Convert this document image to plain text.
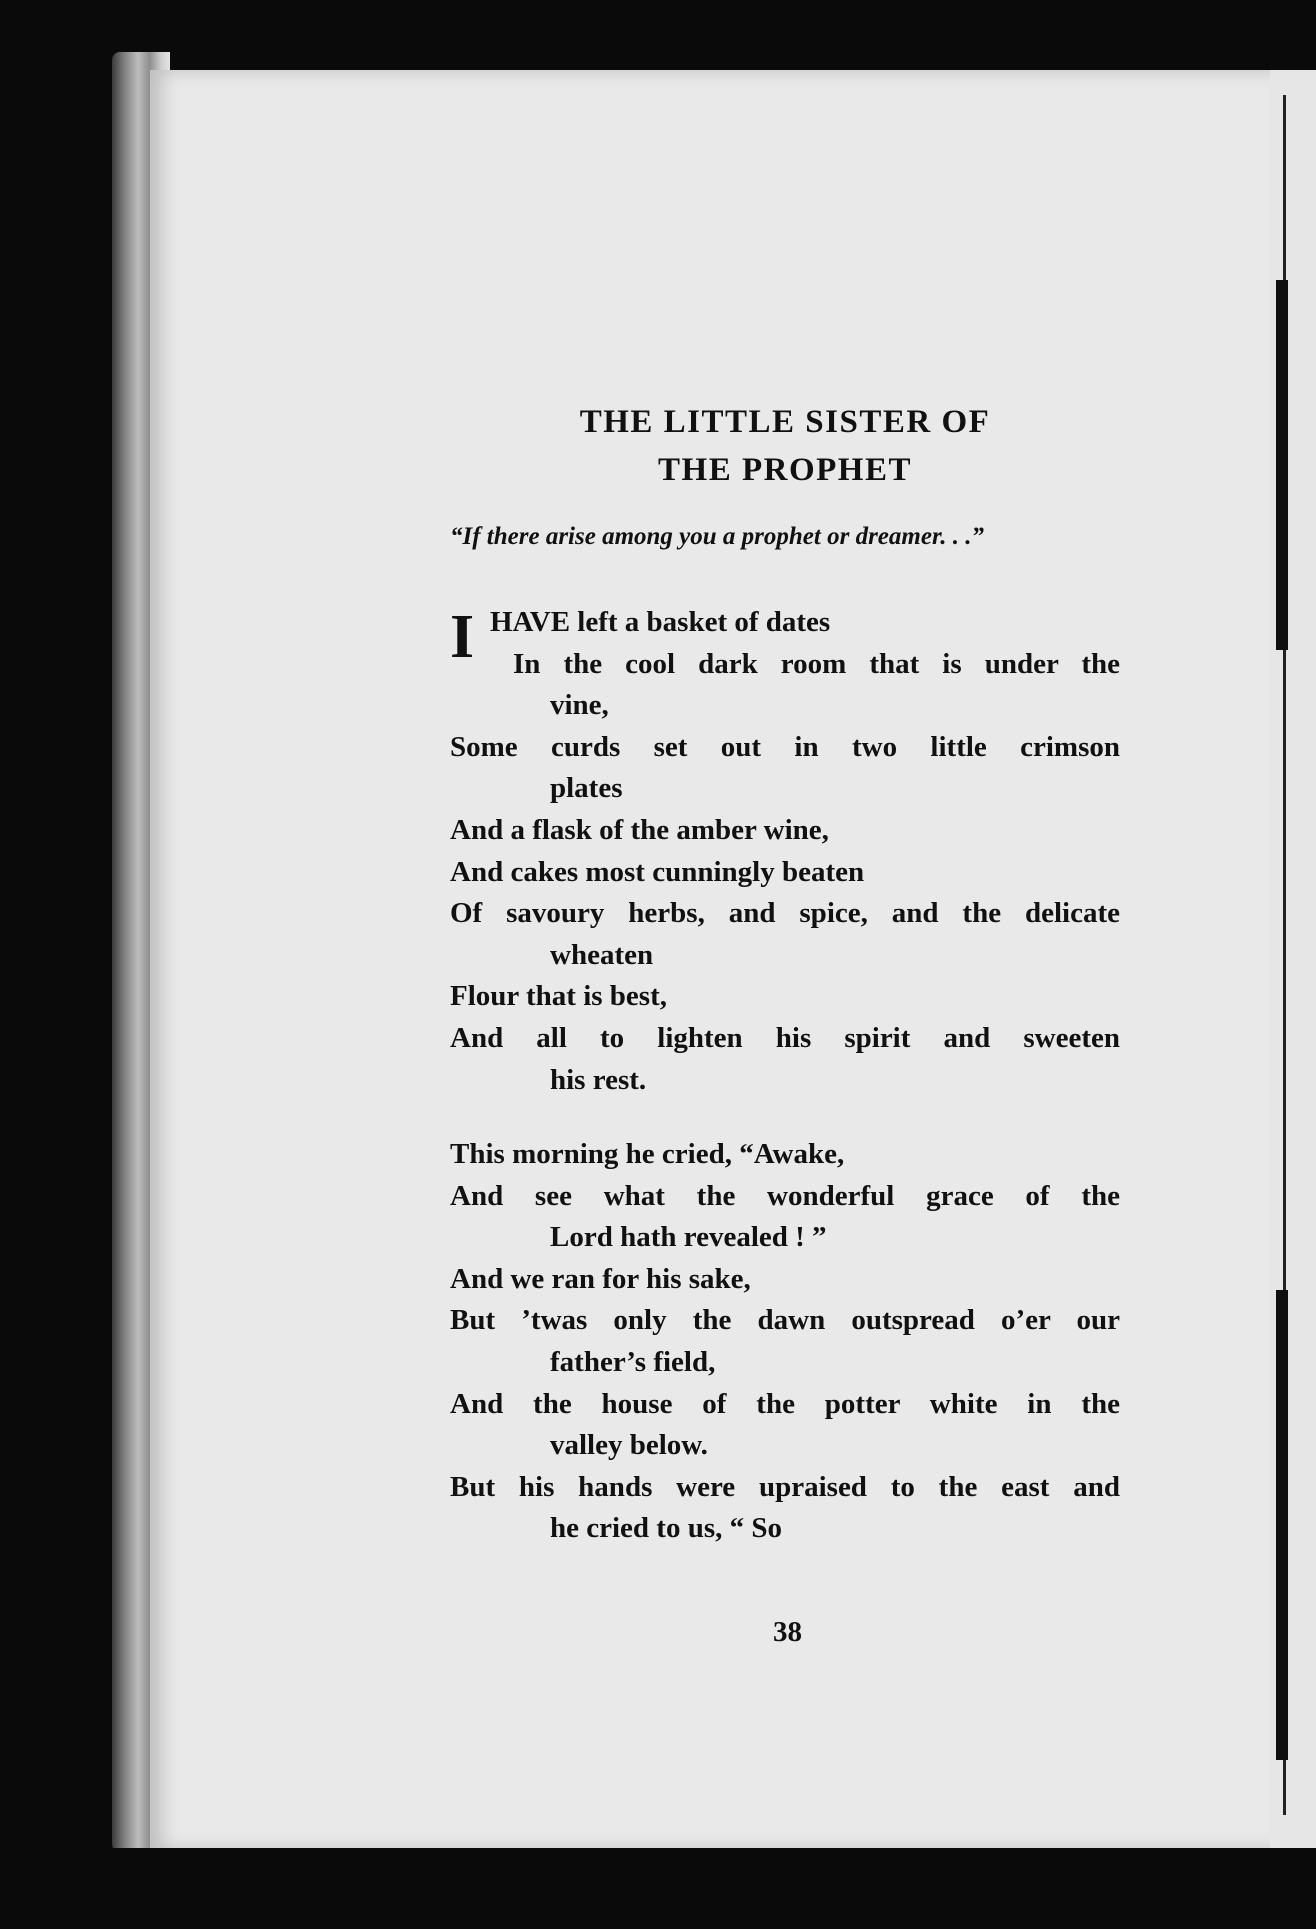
THE LITTLE SISTER OF
THE PROPHET
“If there arise among you a prophet or dreamer. . .”
I HAVE left a basket of dates
In the cool dark room that is under the
vine,
Some curds set out in two little crimson
plates
And a flask of the amber wine,
And cakes most cunningly beaten
Of savoury herbs, and spice, and the delicate
wheaten
Flour that is best,
And all to lighten his spirit and sweeten
his rest.
This morning he cried, “Awake,
And see what the wonderful grace of the
Lord hath revealed ! ”
And we ran for his sake,
But ’twas only the dawn outspread o’er our
father’s field,
And the house of the potter white in the
valley below.
But his hands were upraised to the east and
he cried to us, “ So
38
